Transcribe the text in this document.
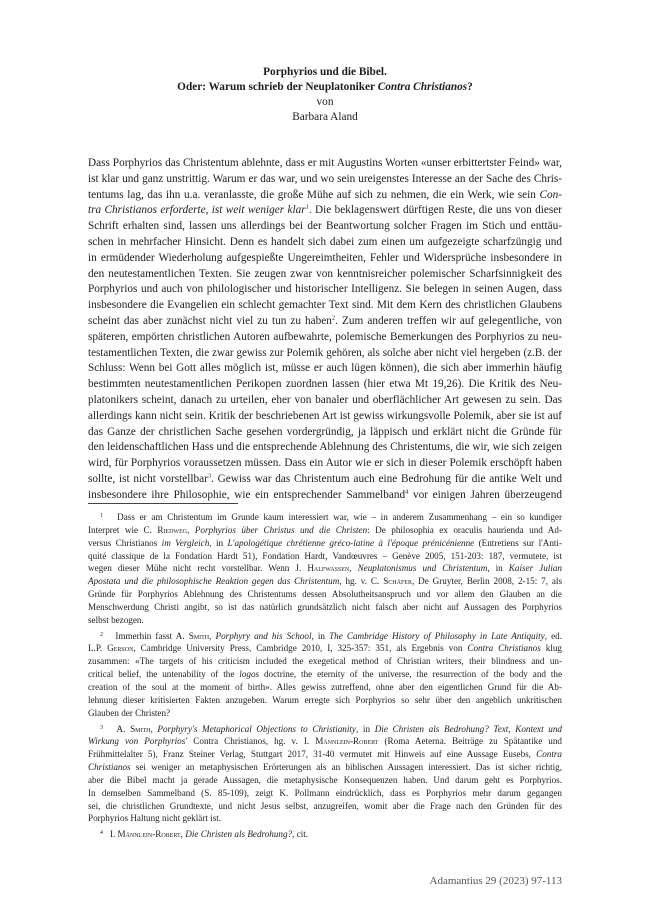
Porphyrios und die Bibel.
Oder: Warum schrieb der Neuplatoniker Contra Christianos?
von
Barbara Aland
Dass Porphyrios das Christentum ablehnte, dass er mit Augustins Worten «unser erbittertster Feind» war,
ist klar und ganz unstrittig. Warum er das war, und wo sein ureigenstes Interesse an der Sache des Chris-
tentums lag, das ihn u.a. veranlasste, die große Mühe auf sich zu nehmen, die ein Werk, wie sein Con-
tra Christianos erforderte, ist weit weniger klar$^1$. Die beklagenswert dürftigen Reste, die uns von dieser
Schrift erhalten sind, lassen uns allerdings bei der Beantwortung solcher Fragen im Stich und enttäu-
schen in mehrfacher Hinsicht. Denn es handelt sich dabei zum einen um aufgezeigte scharfzüngig und
in ermüdender Wiederholung aufgespießte Ungereimtheiten, Fehler und Widersprüche insbesondere in
den neutestamentlichen Texten. Sie zeugen zwar von kenntnisreicher polemischer Scharfsinnigkeit des
Porphyrios und auch von philologischer und historischer Intelligenz. Sie belegen in seinen Augen, dass
insbesondere die Evangelien ein schlecht gemachter Text sind. Mit dem Kern des christlichen Glaubens
scheint das aber zunächst nicht viel zu tun zu haben$^2$. Zum anderen treffen wir auf gelegentliche, von
späteren, empörten christlichen Autoren aufbewahrte, polemische Bemerkungen des Porphyrios zu neu-
testamentlichen Texten, die zwar gewiss zur Polemik gehören, als solche aber nicht viel hergeben (z.B. der
Schluss: Wenn bei Gott alles möglich ist, müsse er auch lügen können), die sich aber immerhin häufig
bestimmten neutestamentlichen Perikopen zuordnen lassen (hier etwa Mt 19,26). Die Kritik des Neu-
platonikers scheint, danach zu urteilen, eher von banaler und oberflächlicher Art gewesen zu sein. Das
allerdings kann nicht sein. Kritik der beschriebenen Art ist gewiss wirkungsvolle Polemik, aber sie ist auf
das Ganze der christlichen Sache gesehen vordergründig, ja läppisch und erklärt nicht die Gründe für
den leidenschaftlichen Hass und die entsprechende Ablehnung des Christentums, die wir, wie sich zeigen
wird, für Porphyrios voraussetzen müssen. Dass ein Autor wie er sich in dieser Polemik erschöpft haben
sollte, ist nicht vorstellbar$^3$. Gewiss war das Christentum auch eine Bedrohung für die antike Welt und
insbesondere ihre Philosophie, wie ein entsprechender Sammelband$^4$ vor einigen Jahren überzeugend
$^1$ Dass er am Christentum im Grunde kaum interessiert war, wie – in anderem Zusammenhang – ein so kundiger
Interpret wie C. Riedweg, Porphyrios über Christus und die Christen: De philosophia ex oraculis haurienda und Ad-
versus Christianos im Vergleich, in L'apologétique chrétienne gréco-latine à l'époque prénicénienne (Entretiens sur l'Anti-
quité classique de la Fondation Hardt 51), Fondation Hardt, Vandœuvres – Genève 2005, 151-203: 187, vermutete, ist
wegen dieser Mühe nicht recht vorstellbar. Wenn J. Halfwassen, Neuplatonismus und Christentum, in Kaiser Julian
Apostata und die philosophische Reaktion gegen das Christentum, hg. v. C. Schäfer, De Gruyter, Berlin 2008, 2-15: 7, als
Gründe für Porphyrios Ablehnung des Christentums dessen Absolutheitsanspruch und vor allem den Glauben an die
Menschwerdung Christi angibt, so ist das natürlich grundsätzlich nicht falsch aber nicht auf Aussagen des Porphyrios
selbst bezogen.
$^2$ Immerhin fasst A. Smith, Porphyry and his School, in The Cambridge History of Philosophy in Late Antiquity, ed.
L.P. Gerson, Cambridge University Press, Cambridge 2010, I, 325-357: 351, als Ergebnis von Contra Christianos klug
zusammen: «The targets of his criticism included the exegetical method of Christian writers, their blindness and un-
critical belief, the untenability of the logos doctrine, the eternity of the universe, the resurrection of the body and the
creation of the soul at the moment of birth». Alles gewiss zutreffend, ohne aber den eigentlichen Grund für die Ab-
lehnung dieser kritisierten Fakten anzugeben. Warum erregte sich Porphyrios so sehr über den angeblich unkritischen
Glauben der Christen?
$^3$ A. Smith, Porphyry's Metaphorical Objections to Christianity, in Die Christen als Bedrohung? Text, Kontext und
Wirkung von Porphyrios' Contra Christianos, hg. v. I. Männlein-Robert (Roma Aeterna. Beiträge zu Spätantike und
Frühmittelalter 5), Franz Steiner Verlag, Stuttgart 2017, 31-40 vermutet mit Hinweis auf eine Aussage Eusebs, Contra
Christianos sei weniger an metaphysischen Erörterungen als an biblischen Aussagen interessiert. Das ist sicher richtig,
aber die Bibel macht ja gerade Aussagen, die metaphysische Konsequenzen haben. Und darum geht es Porphyrios.
In demselben Sammelband (S. 85-109), zeigt K. Pollmann eindrücklich, dass es Porphyrios mehr darum gegangen
sei, die christlichen Grundtexte, und nicht Jesus selbst, anzugreifen, womit aber die Frage nach den Gründen für des
Porphyrios Haltung nicht geklärt ist.
$^4$ I. Männlein-Robert, Die Christen als Bedrohung?, cit.
Adamantius 29 (2023) 97-113
